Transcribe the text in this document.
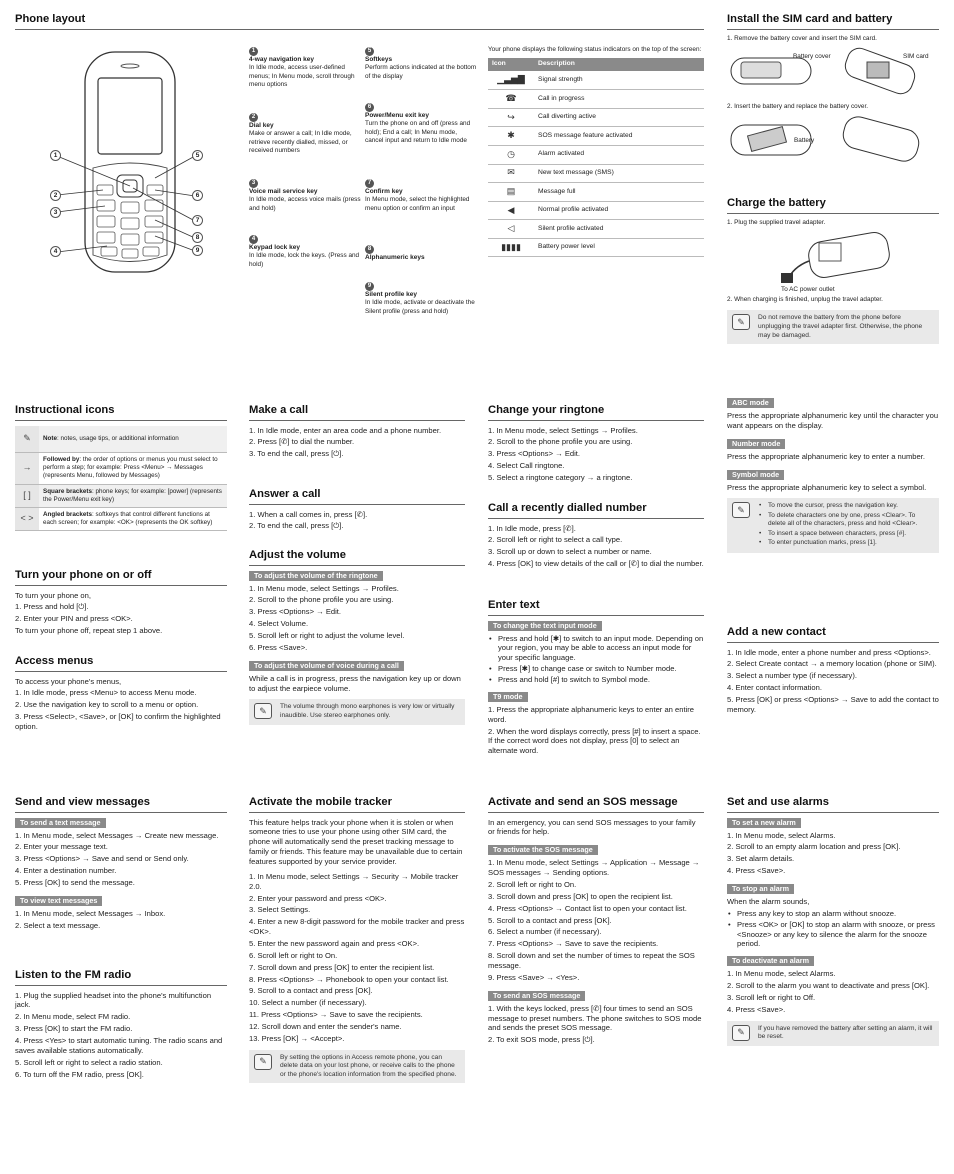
Phone layout
1
2
3
4
5
6
7
8
9
1
4-way navigation key
In Idle mode, access user-defined menus; In Menu mode, scroll through menu options
2
Dial key
Make or answer a call; In Idle mode, retrieve recently dialled, missed, or received numbers
3
Voice mail service key
In Idle mode, access voice mails (press and hold)
4
Keypad lock key
In Idle mode, lock the keys. (Press and hold)
5
Softkeys
Perform actions indicated at the bottom of the display
6
Power/Menu exit key
Turn the phone on and off (press and hold); End a call; In Menu mode, cancel input and return to Idle mode
7
Confirm key
In Menu mode, select the highlighted menu option or confirm an input
8
Alphanumeric keys
9
Silent profile key
In Idle mode, activate or deactivate the Silent profile (press and hold)
Your phone displays the following status indicators on the top of the screen:
Icon	Description
▁▃▅▇	Signal strength
☎	Call in progress
↪	Call diverting active
✱	SOS message feature activated
◷	Alarm activated
✉	New text message (SMS)
▤	Message full
◀	Normal profile activated
◁	Silent profile activated
▮▮▮▮	Battery power level
Install the SIM card and battery
1. Remove the battery cover and insert the SIM card.
Battery cover	SIM card
2. Insert the battery and replace the battery cover.
Battery
Charge the battery
1. Plug the supplied travel adapter.
To AC power outlet
2. When charging is finished, unplug the travel adapter.
✎	Do not remove the battery from the phone before unplugging the travel adapter first. Otherwise, the phone may be damaged.
Instructional icons
✎	Note: notes, usage tips, or additional information
→	Followed by: the order of options or menus you must select to perform a step; for example: Press <Menu> → Messages (represents Menu, followed by Messages)
[ ]	Square brackets: phone keys; for example: [power] (represents the Power/Menu exit key)
< >	Angled brackets: softkeys that control different functions at each screen; for example: <OK> (represents the OK softkey)
Turn your phone on or off
To turn your phone on,
1. Press and hold [⏻].
2. Enter your PIN and press <OK>.
To turn your phone off, repeat step 1 above.
Access menus
To access your phone's menus,
1. In Idle mode, press <Menu> to access Menu mode.
2. Use the navigation key to scroll to a menu or option.
3. Press <Select>, <Save>, or [OK] to confirm the highlighted option.
Make a call
1. In Idle mode, enter an area code and a phone number.
2. Press [✆] to dial the number.
3. To end the call, press [⏻].
Answer a call
1. When a call comes in, press [✆].
2. To end the call, press [⏻].
Adjust the volume
To adjust the volume of the ringtone
1. In Menu mode, select Settings → Profiles.
2. Scroll to the phone profile you are using.
3. Press <Options> → Edit.
4. Select Volume.
5. Scroll left or right to adjust the volume level.
6. Press <Save>.
To adjust the volume of voice during a call
While a call is in progress, press the navigation key up or down to adjust the earpiece volume.
✎	The volume through mono earphones is very low or virtually inaudible. Use stereo earphones only.
Change your ringtone
1. In Menu mode, select Settings → Profiles.
2. Scroll to the phone profile you are using.
3. Press <Options> → Edit.
4. Select Call ringtone.
5. Select a ringtone category → a ringtone.
Call a recently dialled number
1. In Idle mode, press [✆].
2. Scroll left or right to select a call type.
3. Scroll up or down to select a number or name.
4. Press [OK] to view details of the call or [✆] to dial the number.
Enter text
To change the text input mode
• Press and hold [✱] to switch to an input mode. Depending on your region, you may be able to access an input mode for your specific language.
• Press [✱] to change case or switch to Number mode.
• Press and hold [#] to switch to Symbol mode.
T9 mode
1. Press the appropriate alphanumeric keys to enter an entire word.
2. When the word displays correctly, press [#] to insert a space. If the correct word does not display, press [0] to select an alternate word.
ABC mode
Press the appropriate alphanumeric key until the character you want appears on the display.
Number mode
Press the appropriate alphanumeric key to enter a number.
Symbol mode
Press the appropriate alphanumeric key to select a symbol.
✎	• To move the cursor, press the navigation key.
• To delete characters one by one, press <Clear>. To delete all of the characters, press and hold <Clear>.
• To insert a space between characters, press [#].
• To enter punctuation marks, press [1].
Add a new contact
1. In Idle mode, enter a phone number and press <Options>.
2. Select Create contact → a memory location (phone or SIM).
3. Select a number type (if necessary).
4. Enter contact information.
5. Press [OK] or press <Options> → Save to add the contact to memory.
Send and view messages
To send a text message
1. In Menu mode, select Messages → Create new message.
2. Enter your message text.
3. Press <Options> → Save and send or Send only.
4. Enter a destination number.
5. Press [OK] to send the message.
To view text messages
1. In Menu mode, select Messages → Inbox.
2. Select a text message.
Listen to the FM radio
1. Plug the supplied headset into the phone's multifunction jack.
2. In Menu mode, select FM radio.
3. Press [OK] to start the FM radio.
4. Press <Yes> to start automatic tuning. The radio scans and saves available stations automatically.
5. Scroll left or right to select a radio station.
6. To turn off the FM radio, press [OK].
Activate the mobile tracker
This feature helps track your phone when it is stolen or when someone tries to use your phone using other SIM card, the phone will automatically send the preset tracking message to family or friends. This feature may be unavailable due to certain features supported by your service provider.
1. In Menu mode, select Settings → Security → Mobile tracker 2.0.
2. Enter your password and press <OK>.
3. Select Settings.
4. Enter a new 8-digit password for the mobile tracker and press <OK>.
5. Enter the new password again and press <OK>.
6. Scroll left or right to On.
7. Scroll down and press [OK] to enter the recipient list.
8. Press <Options> → Phonebook to open your contact list.
9. Scroll to a contact and press [OK].
10. Select a number (if necessary).
11. Press <Options> → Save to save the recipients.
12. Scroll down and enter the sender's name.
13. Press [OK] → <Accept>.
✎	By setting the options in Access remote phone, you can delete data on your lost phone, or receive calls to the phone or the phone's location information from the specified phone.
Activate and send an SOS message
In an emergency, you can send SOS messages to your family or friends for help.
To activate the SOS message
1. In Menu mode, select Settings → Application → Message → SOS messages → Sending options.
2. Scroll left or right to On.
3. Scroll down and press [OK] to open the recipient list.
4. Press <Options> → Contact list to open your contact list.
5. Scroll to a contact and press [OK].
6. Select a number (if necessary).
7. Press <Options> → Save to save the recipients.
8. Scroll down and set the number of times to repeat the SOS message.
9. Press <Save> → <Yes>.
To send an SOS message
1. With the keys locked, press [✆] four times to send an SOS message to preset numbers. The phone switches to SOS mode and sends the preset SOS message.
2. To exit SOS mode, press [⏻].
Set and use alarms
To set a new alarm
1. In Menu mode, select Alarms.
2. Scroll to an empty alarm location and press [OK].
3. Set alarm details.
4. Press <Save>.
To stop an alarm
When the alarm sounds,
• Press any key to stop an alarm without snooze.
• Press <OK> or [OK] to stop an alarm with snooze, or press <Snooze> or any key to silence the alarm for the snooze period.
To deactivate an alarm
1. In Menu mode, select Alarms.
2. Scroll to the alarm you want to deactivate and press [OK].
3. Scroll left or right to Off.
4. Press <Save>.
✎	If you have removed the battery after setting an alarm, it will be reset.
